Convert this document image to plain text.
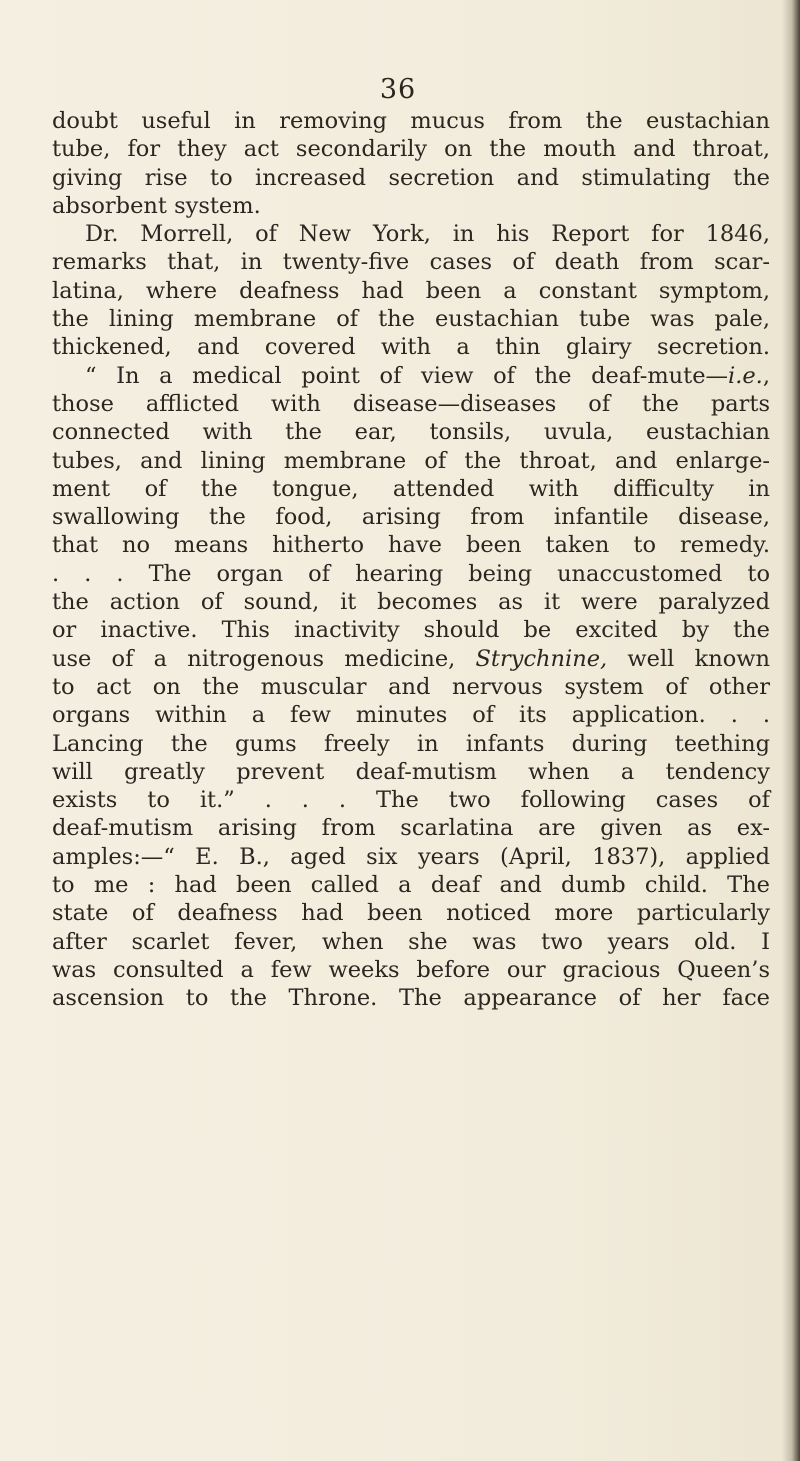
36
doubt useful in removing mucus from the eustachian
tube, for they act secondarily on the mouth and throat,
giving rise to increased secretion and stimulating the
absorbent system.
Dr. Morrell, of New York, in his Report for 1846,
remarks that, in twenty-five cases of death from scar-
latina, where deafness had been a constant symptom,
the lining membrane of the eustachian tube was pale,
thickened, and covered with a thin glairy secretion.
“ In a medical point of view of the deaf-mute—i.e.,
those afflicted with disease—diseases of the parts
connected with the ear, tonsils, uvula, eustachian
tubes, and lining membrane of the throat, and enlarge-
ment of the tongue, attended with difficulty in
swallowing the food, arising from infantile disease,
that no means hitherto have been taken to remedy.
. . . The organ of hearing being unaccustomed to
the action of sound, it becomes as it were paralyzed
or inactive. This inactivity should be excited by the
use of a nitrogenous medicine, Strychnine, well known
to act on the muscular and nervous system of other
organs within a few minutes of its application. . .
Lancing the gums freely in infants during teething
will greatly prevent deaf-mutism when a tendency
exists to it.” . . . The two following cases of
deaf-mutism arising from scarlatina are given as ex-
amples:—“ E. B., aged six years (April, 1837), applied
to me : had been called a deaf and dumb child. The
state of deafness had been noticed more particularly
after scarlet fever, when she was two years old. I
was consulted a few weeks before our gracious Queen’s
ascension to the Throne. The appearance of her face
